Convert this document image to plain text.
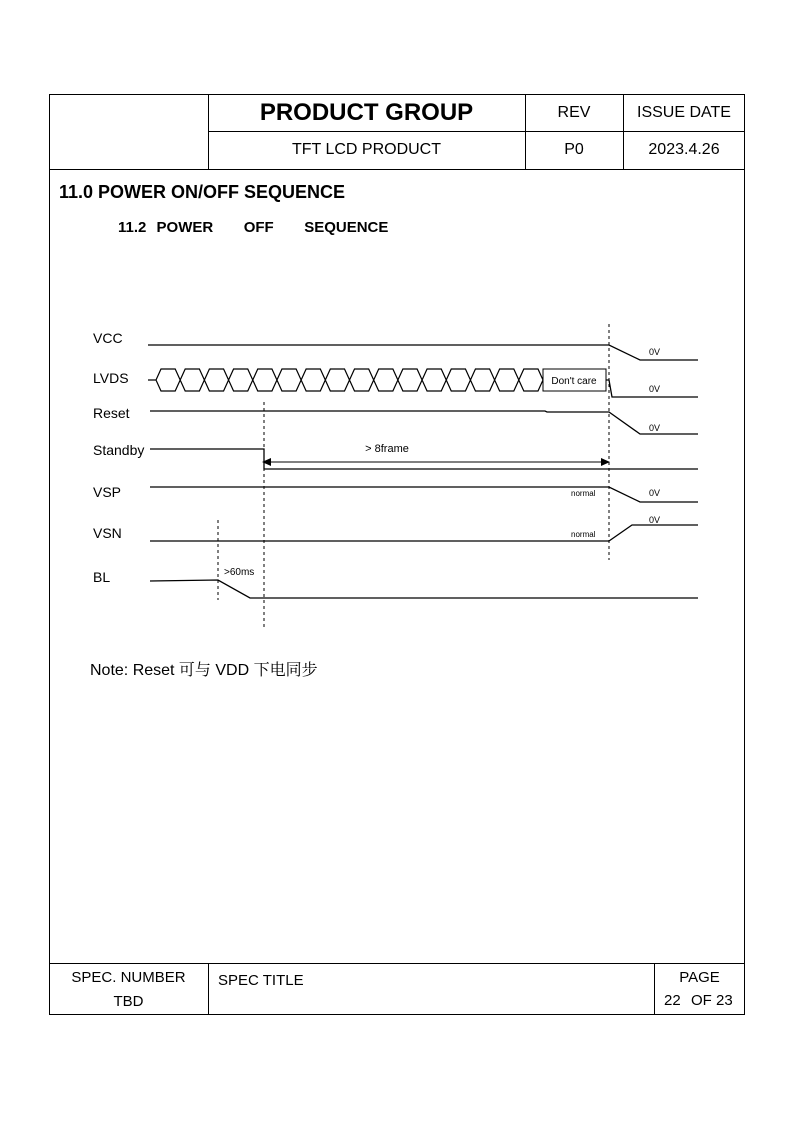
PRODUCT GROUP	REV	ISSUE DATE
TFT LCD PRODUCT	P0	2023.4.26
11.0 POWER ON/OFF SEQUENCE
11.2 POWER   OFF   SEQUENCE
VCC
LVDS
Reset
Standby
VSP
VSN
BL
0V
Don't care
0V
0V
> 8frame
normal	0V
normal
0V
>60ms
Note: Reset 可与 VDD 下电同步
SPEC. NUMBER
TBD
SPEC TITLE	PAGE
22 OF 23
